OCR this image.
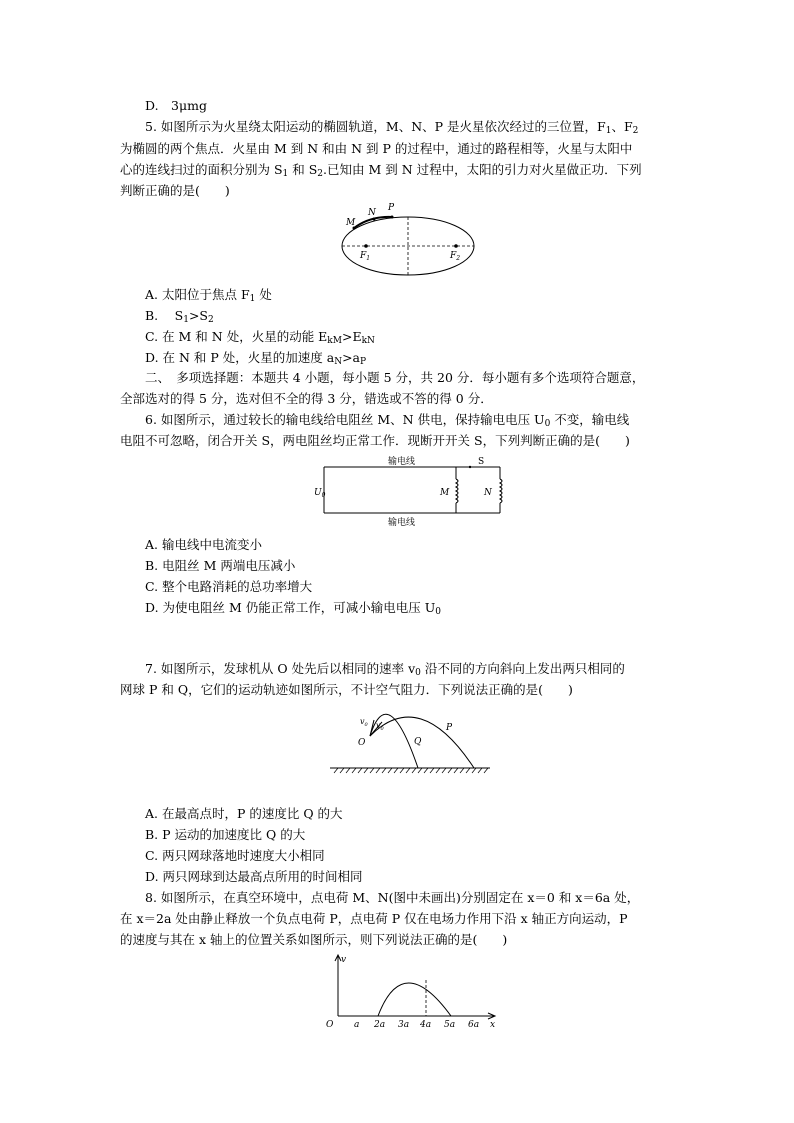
D.　3μmg
5. 如图所示为火星绕太阳运动的椭圆轨道，M、N、P 是火星依次经过的三位置，$F_1$、$F_2$
为椭圆的两个焦点．火星由 M 到 N 和由 N 到 P 的过程中，通过的路程相等，火星与太阳中
心的连线扫过的面积分别为 $S_1$ 和 $S_2$.已知由 M 到 N 过程中，太阳的引力对火星做正功．下列
判断正确的是(　　)
M
N P
$F_1$	$F_2$
A. 太阳位于焦点 $F_1$ 处
B.　 $S_1>S_2$
C. 在 M 和 N 处，火星的动能 $E_{kM}>E_{kN}$
D. 在 N 和 P 处，火星的加速度 $a_N>a_P$
二、　多项选择题：本题共 4 小题，每小题 5 分，共 20 分．每小题有多个选项符合题意，
全部选对的得 5 分，选对但不全的得 3 分，错选或不答的得 0 分．
6. 如图所示，通过较长的输电线给电阻丝 M、N 供电，保持输电电压 $U_0$ 不变，输电线
电阻不可忽略，闭合开关 S，两电阻丝均正常工作．现断开开关 S，下列判断正确的是(　　)
输电线
输电线
$U_0$	M
S
N
A. 输电线中电流变小
B. 电阻丝 M 两端电压减小
C. 整个电路消耗的总功率增大
D. 为使电阻丝 M 仍能正常工作，可减小输电电压 $U_0$
7. 如图所示，发球机从 O 处先后以相同的速率 $v_0$ 沿不同的方向斜向上发出两只相同的
网球 P 和 Q，它们的运动轨迹如图所示，不计空气阻力．下列说法正确的是(　　)
O	Q
P
$v_0$ $v_0$
A. 在最高点时，P 的速度比 Q 的大
B. P 运动的加速度比 Q 的大
C. 两只网球落地时速度大小相同
D. 两只网球到达最高点所用的时间相同
8. 如图所示，在真空环境中，点电荷 M、N(图中未画出)分别固定在 x＝0 和 x＝6a 处，
在 x＝2a 处由静止释放一个负点电荷 P，点电荷 P 仅在电场力作用下沿 x 轴正方向运动，P
的速度与其在 x 轴上的位置关系如图所示，则下列说法正确的是(　　)
v
x
O a 2a 3a 4a 5a 6a
